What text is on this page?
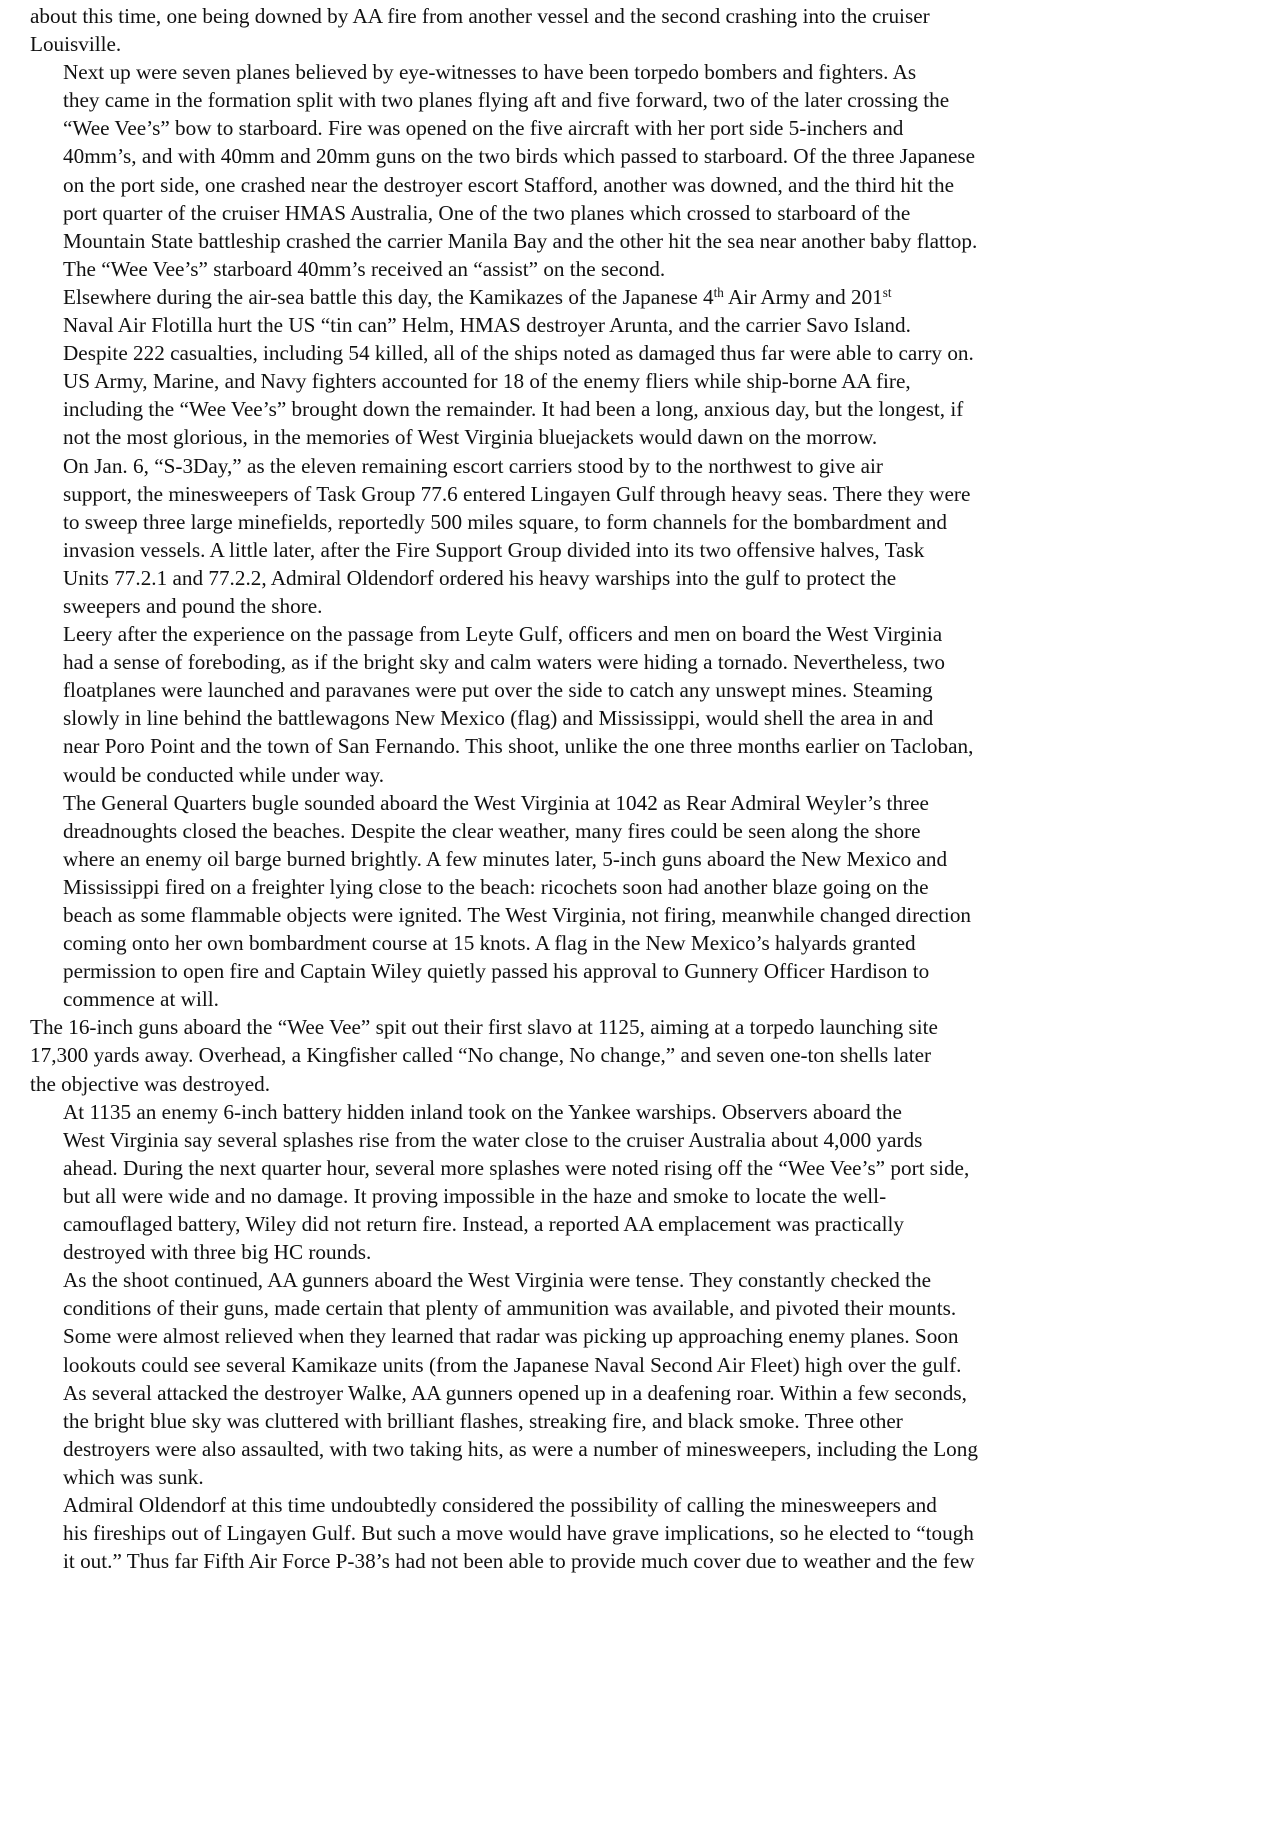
about this time, one being downed by AA fire from another vessel and the second crashing into the cruiser
Louisville.

Next up were seven planes believed by eye-witnesses to have been torpedo bombers and fighters. As
they came in the formation split with two planes flying aft and five forward, two of the later crossing the
“Wee Vee’s” bow to starboard. Fire was opened on the five aircraft with her port side 5-inchers and
40mm’s, and with 40mm and 20mm guns on the two birds which passed to starboard. Of the three Japanese
on the port side, one crashed near the destroyer escort Stafford, another was downed, and the third hit the
port quarter of the cruiser HMAS Australia, One of the two planes which crossed to starboard of the
Mountain State battleship crashed the carrier Manila Bay and the other hit the sea near another baby flattop.
The “Wee Vee’s” starboard 40mm’s received an “assist” on the second.

Elsewhere during the air-sea battle this day, the Kamikazes of the Japanese 4th Air Army and 201st
Naval Air Flotilla hurt the US “tin can” Helm, HMAS destroyer Arunta, and the carrier Savo Island.
Despite 222 casualties, including 54 killed, all of the ships noted as damaged thus far were able to carry on.
US Army, Marine, and Navy fighters accounted for 18 of the enemy fliers while ship-borne AA fire,
including the “Wee Vee’s” brought down the remainder. It had been a long, anxious day, but the longest, if
not the most glorious, in the memories of West Virginia bluejackets would dawn on the morrow.

On Jan. 6, “S-3Day,” as the eleven remaining escort carriers stood by to the northwest to give air
support, the minesweepers of Task Group 77.6 entered Lingayen Gulf through heavy seas. There they were
to sweep three large minefields, reportedly 500 miles square, to form channels for the bombardment and
invasion vessels. A little later, after the Fire Support Group divided into its two offensive halves, Task
Units 77.2.1 and 77.2.2, Admiral Oldendorf ordered his heavy warships into the gulf to protect the
sweepers and pound the shore.

Leery after the experience on the passage from Leyte Gulf, officers and men on board the West Virginia
had a sense of foreboding, as if the bright sky and calm waters were hiding a tornado. Nevertheless, two
floatplanes were launched and paravanes were put over the side to catch any unswept mines. Steaming
slowly in line behind the battlewagons New Mexico (flag) and Mississippi, would shell the area in and
near Poro Point and the town of San Fernando. This shoot, unlike the one three months earlier on Tacloban,
would be conducted while under way.

The General Quarters bugle sounded aboard the West Virginia at 1042 as Rear Admiral Weyler’s three
dreadnoughts closed the beaches. Despite the clear weather, many fires could be seen along the shore
where an enemy oil barge burned brightly. A few minutes later, 5-inch guns aboard the New Mexico and
Mississippi fired on a freighter lying close to the beach: ricochets soon had another blaze going on the
beach as some flammable objects were ignited. The West Virginia, not firing, meanwhile changed direction
coming onto her own bombardment course at 15 knots. A flag in the New Mexico’s halyards granted
permission to open fire and Captain Wiley quietly passed his approval to Gunnery Officer Hardison to
commence at will.

The 16-inch guns aboard the “Wee Vee” spit out their first slavo at 1125, aiming at a torpedo launching site
17,300 yards away. Overhead, a Kingfisher called “No change, No change,” and seven one-ton shells later
the objective was destroyed.

At 1135 an enemy 6-inch battery hidden inland took on the Yankee warships. Observers aboard the
West Virginia say several splashes rise from the water close to the cruiser Australia about 4,000 yards
ahead. During the next quarter hour, several more splashes were noted rising off the “Wee Vee’s” port side,
but all were wide and no damage. It proving impossible in the haze and smoke to locate the well-
camouflaged battery, Wiley did not return fire. Instead, a reported AA emplacement was practically
destroyed with three big HC rounds.

As the shoot continued, AA gunners aboard the West Virginia were tense. They constantly checked the
conditions of their guns, made certain that plenty of ammunition was available, and pivoted their mounts.
Some were almost relieved when they learned that radar was picking up approaching enemy planes. Soon
lookouts could see several Kamikaze units (from the Japanese Naval Second Air Fleet) high over the gulf.
As several attacked the destroyer Walke, AA gunners opened up in a deafening roar. Within a few seconds,
the bright blue sky was cluttered with brilliant flashes, streaking fire, and black smoke. Three other
destroyers were also assaulted, with two taking hits, as were a number of minesweepers, including the Long
which was sunk.

Admiral Oldendorf at this time undoubtedly considered the possibility of calling the minesweepers and
his fireships out of Lingayen Gulf. But such a move would have grave implications, so he elected to “tough
it out.” Thus far Fifth Air Force P-38’s had not been able to provide much cover due to weather and the few
